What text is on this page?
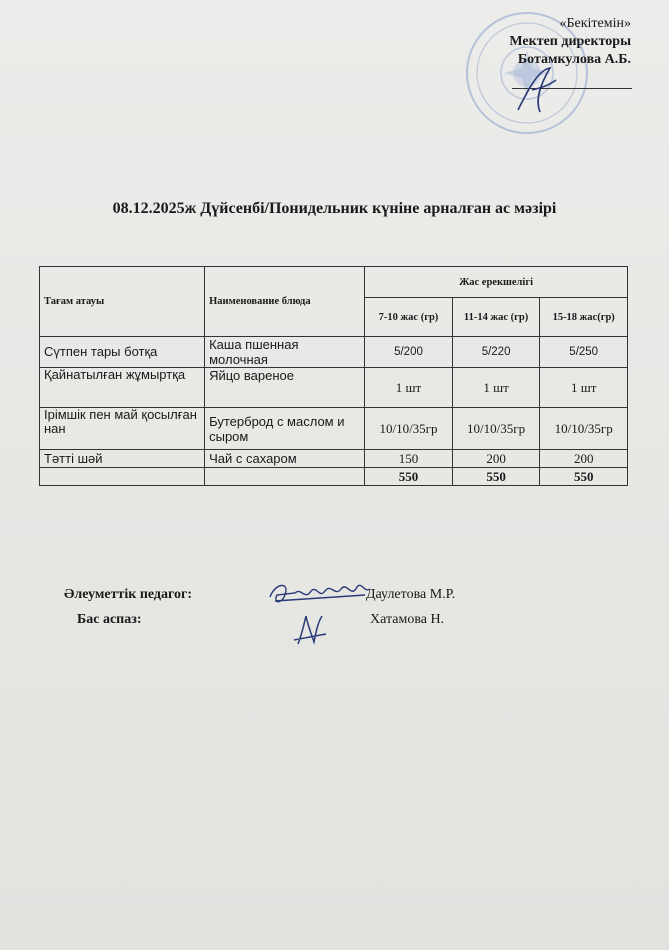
«Бекітемін»
Мектеп директоры
Ботамкулова А.Б.
08.12.2025ж Дүйсенбі/Понидельник күніне арналған ас мәзірі
Тағам атауы	Наименование блюда	Жас ерекшелігі		
		7-10 жас (гр)	11-14 жас (гр)	15-18 жас(гр)
Сүтпен тары ботқа	Каша пшенная молочная	5/200	5/220	5/250
Қайнатылған жұмыртқа	Яйцо вареное	1 шт	1 шт	1 шт
Ірімшік пен май қосылған нан	Бутерброд с маслом и сыром	10/10/35гр	10/10/35гр	10/10/35гр
Тәтті шәй	Чай с сахаром	150	200	200
		550	550	550
Әлеуметтік педагог:	Даулетова М.Р.
Бас аспаз:	Хатамова Н.
